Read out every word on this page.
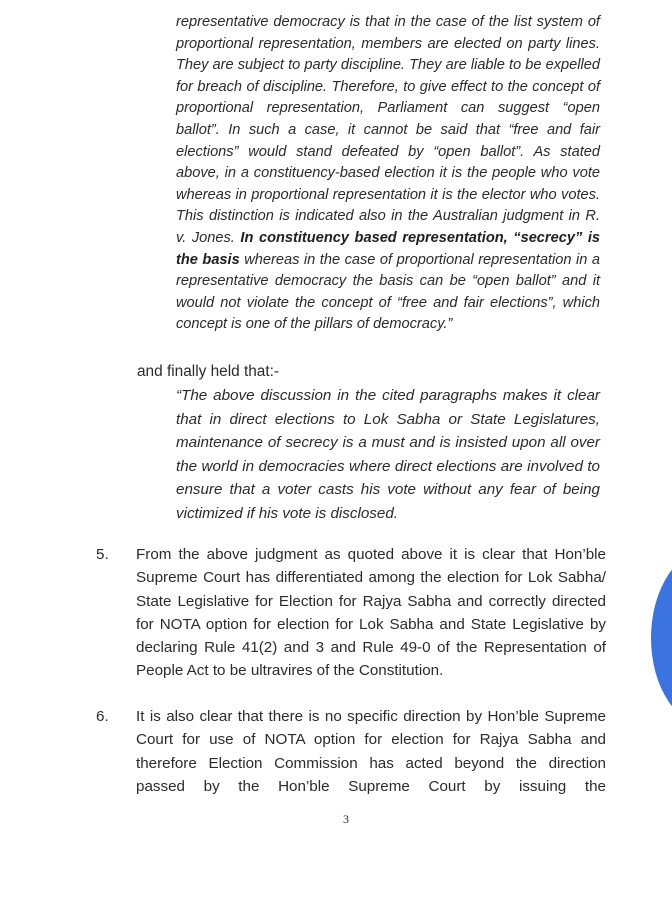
representative democracy is that in the case of the list system of proportional representation, members are elected on party lines. They are subject to party discipline. They are liable to be expelled for breach of discipline. Therefore, to give effect to the concept of proportional representation, Parliament can suggest “open ballot”. In such a case, it cannot be said that “free and fair elections” would stand defeated by “open ballot”. As stated above, in a constituency-based election it is the people who vote whereas in proportional representation it is the elector who votes. This distinction is indicated also in the Australian judgment in R. v. Jones. In constituency based representation, “secrecy” is the basis whereas in the case of proportional representation in a representative democracy the basis can be “open ballot” and it would not violate the concept of “free and fair elections”, which concept is one of the pillars of democracy.”
and finally held that:-
“The above discussion in the cited paragraphs makes it clear that in direct elections to Lok Sabha or State Legislatures, maintenance of secrecy is a must and is insisted upon all over the world in democracies where direct elections are involved to ensure that a voter casts his vote without any fear of being victimized if his vote is disclosed.
5. From the above judgment as quoted above it is clear that Hon’ble Supreme Court has differentiated among the election for Lok Sabha/ State Legislative for Election for Rajya Sabha and correctly directed for NOTA option for election for Lok Sabha and State Legislative by declaring Rule 41(2) and 3 and Rule 49-0 of the Representation of People Act to be ultravires of the Constitution.
6. It is also clear that there is no specific direction by Hon’ble Supreme Court for use of NOTA option for election for Rajya Sabha and therefore Election Commission has acted beyond the direction passed by the Hon’ble Supreme Court by issuing the
3
